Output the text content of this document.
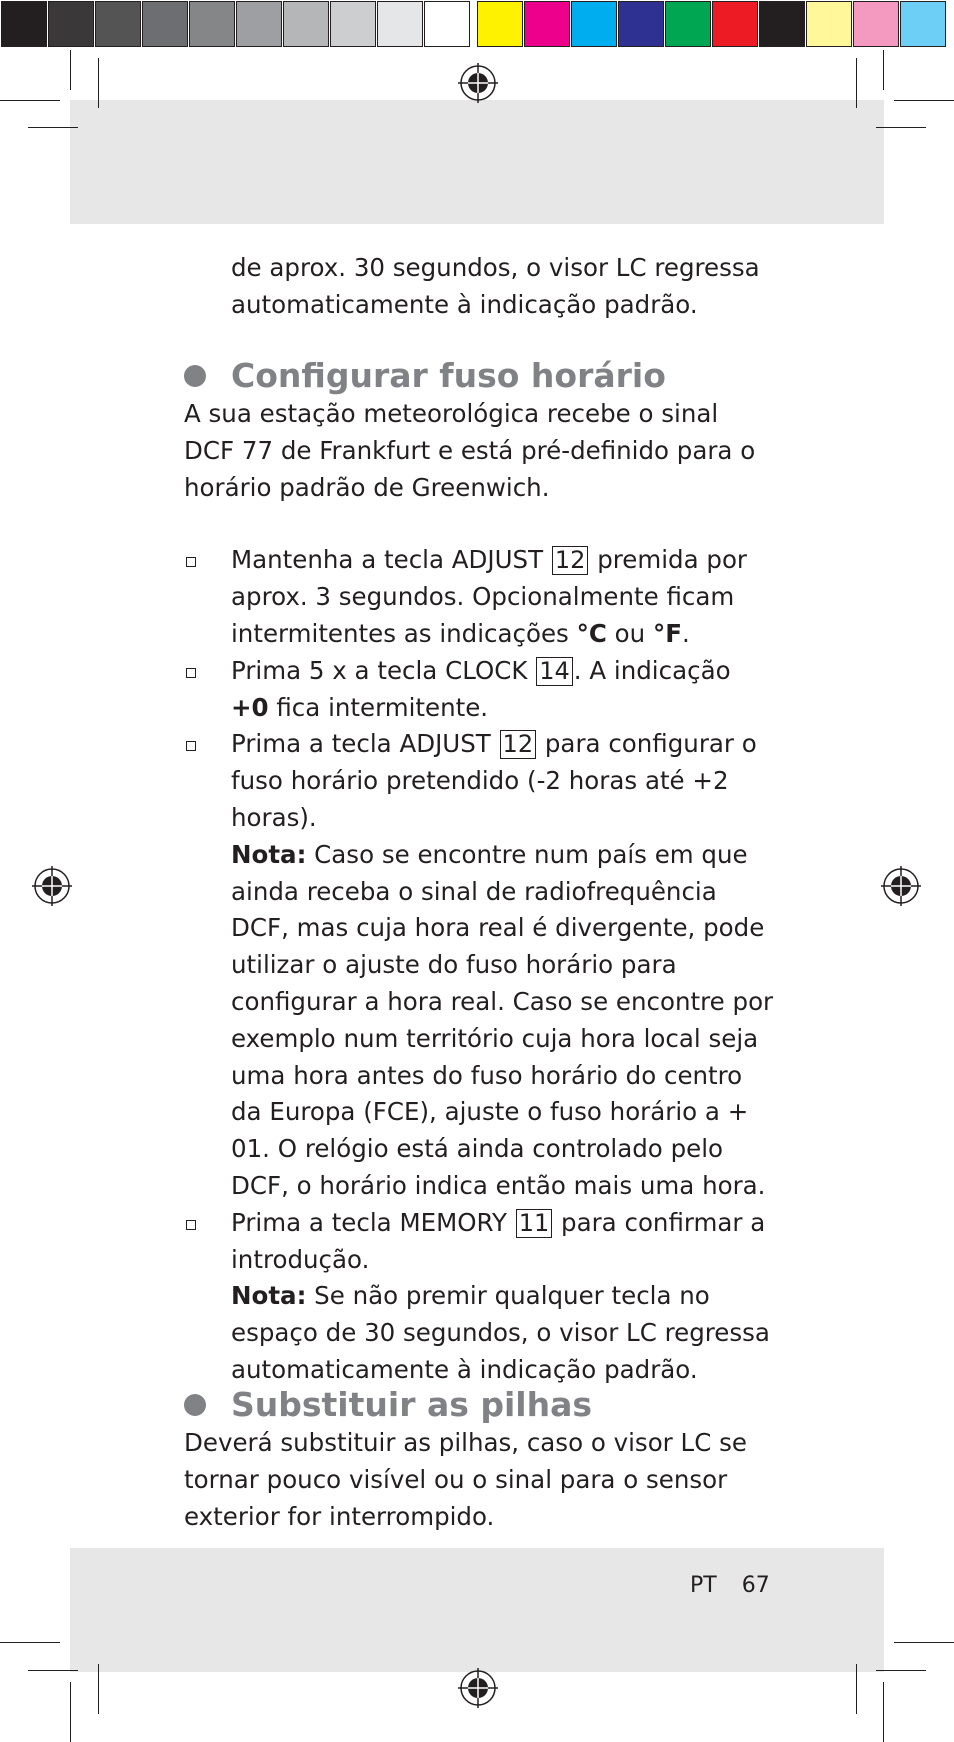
de aprox. 30 segundos, o visor LC regressa

automaticamente à indicação padrão.

Configurar fuso horário

A sua estação meteorológica recebe o sinal DCF 77 de Frankfurt e está pré-definido para o horário padrão de Greenwich.

Mantenha a tecla ADJUST 12 premida por aprox. 3 segundos. Opcionalmente ficam intermitentes as indicações °C ou °F.
Prima 5 x a tecla CLOCK 14 . A indicação +0 fica intermitente.
Prima a tecla ADJUST 12 para configurar o fuso horário pretendido (-2 horas até +2 horas).

Nota: Caso se encontre num país em que ainda receba o sinal de radiofrequência DCF, mas cuja hora real é divergente, pode utilizar o ajuste do fuso horário para configurar a hora real. Caso se encontre por exemplo num território cuja hora local seja uma hora antes do fuso horário do centro da Europa (FCE), ajuste o fuso horário a + 01. O relógio está ainda controlado pelo DCF, o horário indica então mais uma hora.

Prima a tecla MEMORY 11 para confirmar a introdução.

Nota: Se não premir qualquer tecla no espaço de 30 segundos, o visor LC regressa automaticamente à indicação padrão.

Substituir as pilhas

Deverá substituir as pilhas, caso o visor LC se tornar pouco visível ou o sinal para o sensor exterior for interrompido.

PT 67
